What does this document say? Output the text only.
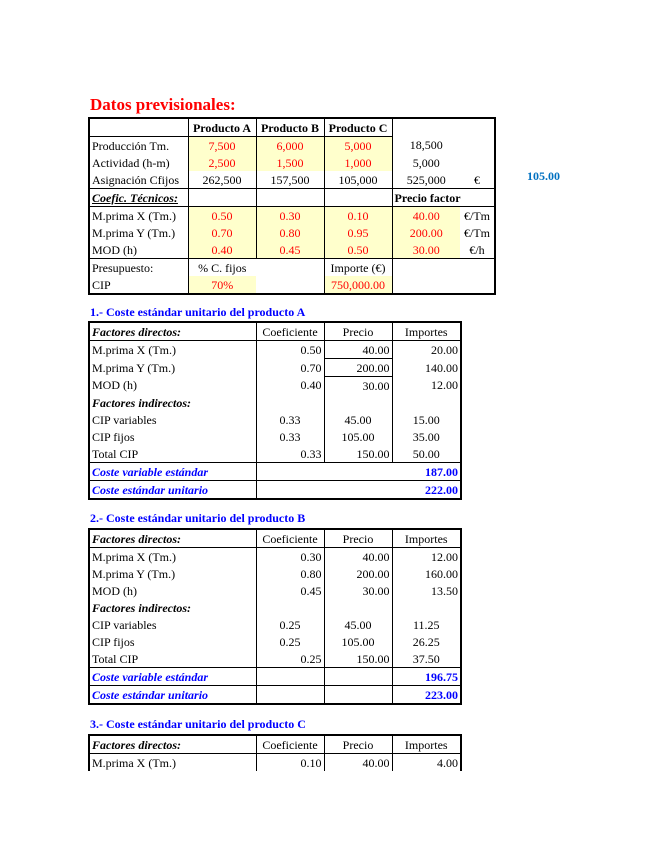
Datos previsionales:
	Producto A	Producto B	Producto C		
Producción Tm.	7,500	6,000	5,000	18,500	
Actividad (h-m)	2,500	1,500	1,000	5,000	
Asignación Cfijos	262,500	157,500	105,000	525,000	€
Coefic. Técnicos:				Precio factor	
M.prima X (Tm.)	0.50	0.30	0.10	40.00	€/Tm
M.prima Y (Tm.)	0.70	0.80	0.95	200.00	€/Tm
MOD (h)	0.40	0.45	0.50	30.00	€/h
Presupuesto:	% C. fijos		Importe (€)		
CIP	70%		750,000.00		
105.00
1.- Coste estándar unitario del producto A
Factores directos:	Coeficiente	Precio	Importes
M.prima X (Tm.)	0.50	40.00	20.00
M.prima Y (Tm.)	0.70	200.00	140.00
MOD (h)	0.40	30.00	12.00
Factores indirectos:			
CIP variables	0.33	45.00	15.00
CIP fijos	0.33	105.00	35.00
Total CIP	0.33	150.00	50.00
Coste variable estándar			187.00
Coste estándar unitario			222.00
2.- Coste estándar unitario del producto B
Factores directos:	Coeficiente	Precio	Importes
M.prima X (Tm.)	0.30	40.00	12.00
M.prima Y (Tm.)	0.80	200.00	160.00
MOD (h)	0.45	30.00	13.50
Factores indirectos:			
CIP variables	0.25	45.00	11.25
CIP fijos	0.25	105.00	26.25
Total CIP	0.25	150.00	37.50
Coste variable estándar			196.75
Coste estándar unitario			223.00
3.- Coste estándar unitario del producto C
Factores directos:	Coeficiente	Precio	Importes
M.prima X (Tm.)	0.10	40.00	4.00
